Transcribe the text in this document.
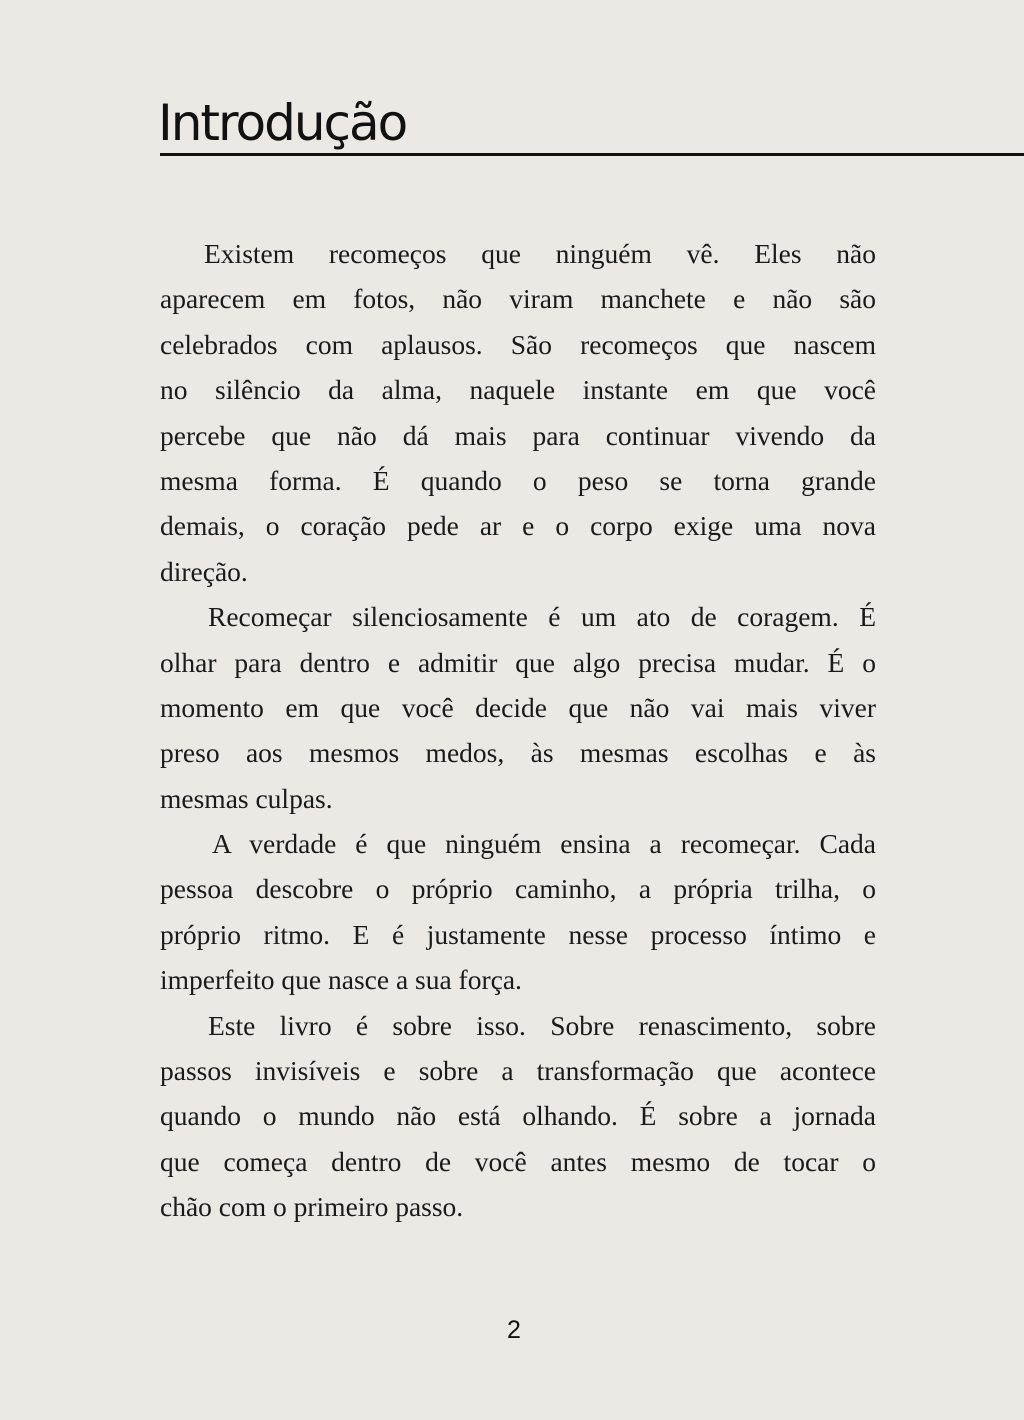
Introdução
Existem recomeços que ninguém vê. Eles não
aparecem em fotos, não viram manchete e não são
celebrados com aplausos. São recomeços que nascem
no silêncio da alma, naquele instante em que você
percebe que não dá mais para continuar vivendo da
mesma forma. É quando o peso se torna grande
demais, o coração pede ar e o corpo exige uma nova
direção.
Recomeçar silenciosamente é um ato de coragem. É
olhar para dentro e admitir que algo precisa mudar. É o
momento em que você decide que não vai mais viver
preso aos mesmos medos, às mesmas escolhas e às
mesmas culpas.
A verdade é que ninguém ensina a recomeçar. Cada
pessoa descobre o próprio caminho, a própria trilha, o
próprio ritmo. E é justamente nesse processo íntimo e
imperfeito que nasce a sua força.
Este livro é sobre isso. Sobre renascimento, sobre
passos invisíveis e sobre a transformação que acontece
quando o mundo não está olhando. É sobre a jornada
que começa dentro de você antes mesmo de tocar o
chão com o primeiro passo.
2
